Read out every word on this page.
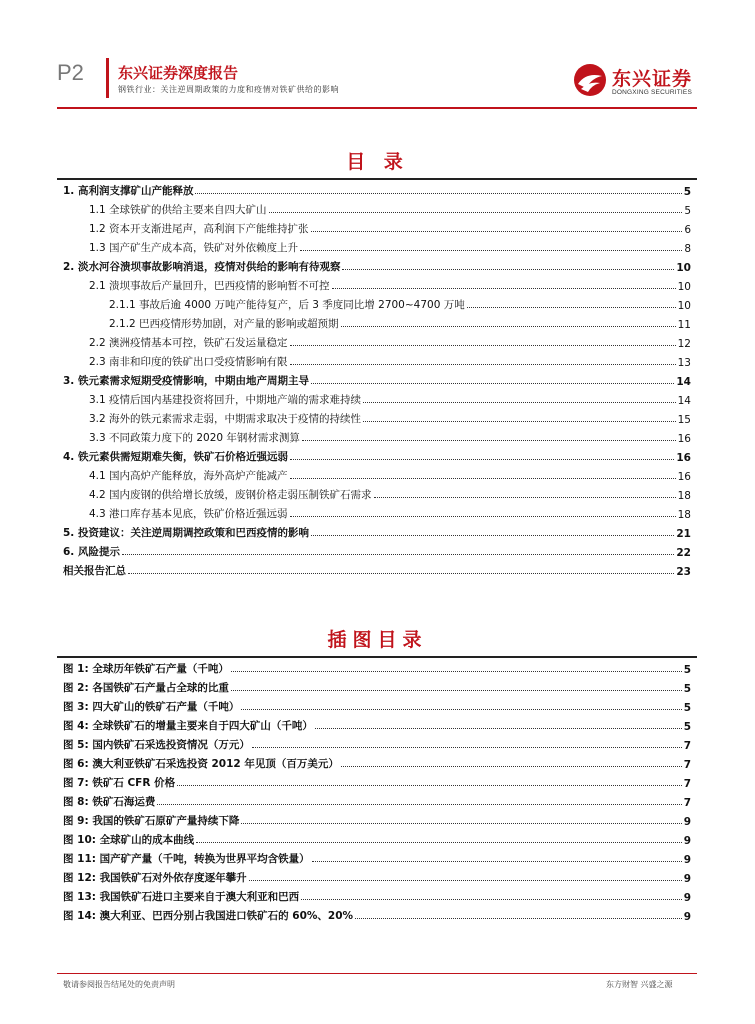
P2 东兴证券深度报告
钢铁行业：关注逆周期政策的力度和疫情对铁矿供给的影响	东兴证券
DONGXING SECURITIES
目 录
1. 高利润支撑矿山产能释放	5
1.1 全球铁矿的供给主要来自四大矿山	5
1.2 资本开支渐进尾声，高利润下产能维持扩张	6
1.3 国产矿生产成本高，铁矿对外依赖度上升	8
2. 淡水河谷溃坝事故影响消退，疫情对供给的影响有待观察	10
2.1 溃坝事故后产量回升，巴西疫情的影响暂不可控	10
2.1.1 事故后逾 4000 万吨产能待复产，后 3 季度同比增 2700~4700 万吨	10
2.1.2 巴西疫情形势加剧，对产量的影响或超预期	11
2.2 澳洲疫情基本可控，铁矿石发运量稳定	12
2.3 南非和印度的铁矿出口受疫情影响有限	13
3. 铁元素需求短期受疫情影响，中期由地产周期主导	14
3.1 疫情后国内基建投资将回升，中期地产端的需求难持续	14
3.2 海外的铁元素需求走弱，中期需求取决于疫情的持续性	15
3.3 不同政策力度下的 2020 年钢材需求测算	16
4. 铁元素供需短期难失衡，铁矿石价格近强远弱	16
4.1 国内高炉产能释放，海外高炉产能减产	16
4.2 国内废钢的供给增长放缓，废钢价格走弱压制铁矿石需求	18
4.3 港口库存基本见底，铁矿价格近强远弱	18
5. 投资建议：关注逆周期调控政策和巴西疫情的影响	21
6. 风险提示	22
相关报告汇总	23
插图目录
图 1: 全球历年铁矿石产量（千吨）	5
图 2: 各国铁矿石产量占全球的比重	5
图 3: 四大矿山的铁矿石产量（千吨）	5
图 4: 全球铁矿石的增量主要来自于四大矿山（千吨）	5
图 5: 国内铁矿石采选投资情况（万元）	7
图 6: 澳大利亚铁矿石采选投资 2012 年见顶（百万美元）	7
图 7: 铁矿石 CFR 价格	7
图 8: 铁矿石海运费	7
图 9: 我国的铁矿石原矿产量持续下降	9
图 10: 全球矿山的成本曲线	9
图 11: 国产矿产量（千吨，转换为世界平均含铁量）	9
图 12: 我国铁矿石对外依存度逐年攀升	9
图 13: 我国铁矿石进口主要来自于澳大利亚和巴西	9
图 14: 澳大利亚、巴西分别占我国进口铁矿石的 60%、20%	9
敬请参阅报告结尾处的免责声明	东方财智 兴盛之源
